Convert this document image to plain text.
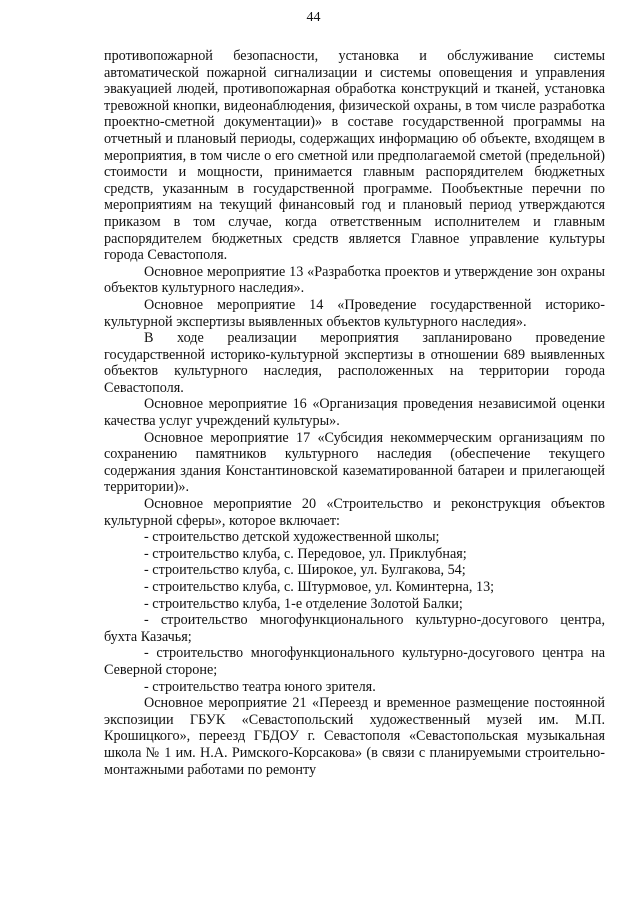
44

противопожарной безопасности, установка и обслуживание системы автоматической пожарной сигнализации и системы оповещения и управления эвакуацией людей, противопожарная обработка конструкций и тканей, установка тревожной кнопки, видеонаблюдения, физической охраны, в том числе разработка проектно-сметной документации)» в составе государственной программы на отчетный и плановый периоды, содержащих информацию об объекте, входящем в мероприятия, в том числе о его сметной или предполагаемой сметой (предельной) стоимости и мощности, принимается главным распорядителем бюджетных средств, указанным в государственной программе. Пообъектные перечни по мероприятиям на текущий финансовый год и плановый период утверждаются приказом в том случае, когда ответственным исполнителем и главным распорядителем бюджетных средств является Главное управление культуры города Севастополя.

Основное мероприятие 13 «Разработка проектов и утверждение зон охраны объектов культурного наследия».

Основное мероприятие 14 «Проведение государственной историко-культурной экспертизы выявленных объектов культурного наследия».

В ходе реализации мероприятия запланировано проведение государственной историко-культурной экспертизы в отношении 689 выявленных объектов культурного наследия, расположенных на территории города Севастополя.

Основное мероприятие 16 «Организация проведения независимой оценки качества услуг учреждений культуры».

Основное мероприятие 17 «Субсидия некоммерческим организациям по сохранению памятников культурного наследия (обеспечение текущего содержания здания Константиновской казематированной батареи и прилегающей территории)».

Основное мероприятие 20 «Строительство и реконструкция объектов культурной сферы», которое включает:

- строительство детской художественной школы;

- строительство клуба, с. Передовое, ул. Приклубная;

- строительство клуба, с. Широкое, ул. Булгакова, 54;

- строительство клуба, с. Штурмовое, ул. Коминтерна, 13;

- строительство клуба, 1-е отделение Золотой Балки;

- строительство многофункционального культурно-досугового центра, бухта Казачья;

- строительство многофункционального культурно-досугового центра на Северной стороне;

- строительство театра юного зрителя.

Основное мероприятие 21 «Переезд и временное размещение постоянной экспозиции ГБУК «Севастопольский художественный музей им. М.П. Крошицкого», переезд ГБДОУ г. Севастополя «Севастопольская музыкальная школа № 1 им. Н.А. Римского-Корсакова» (в связи с планируемыми строительно-монтажными работами по ремонту
